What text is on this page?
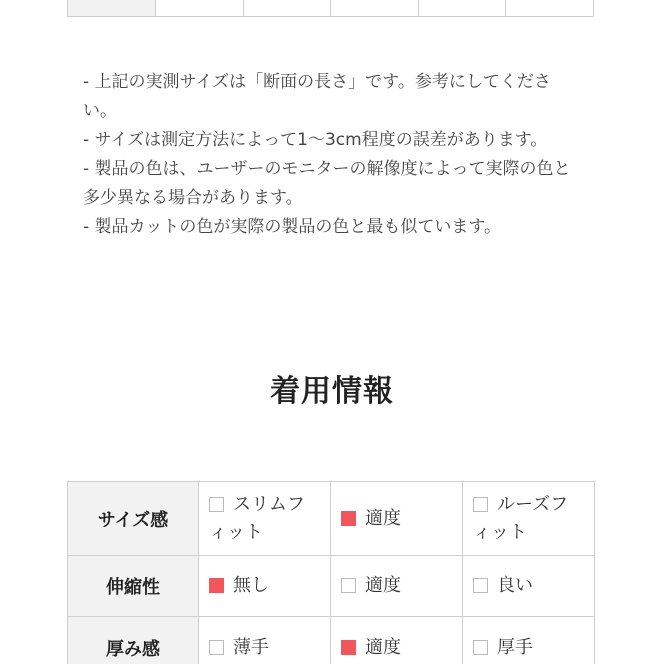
- 上記の実測サイズは「断面の長さ」です。参考にしてください。

- サイズは測定方法によって1〜3cm程度の誤差があります。

- 製品の色は、ユーザーのモニターの解像度によって実際の色と多少異なる場合があります。

- 製品カットの色が実際の製品の色と最も似ています。

着用情報
サイズ感	スリムフィット	適度	ルーズフィット
伸縮性	無し	適度	良い
厚み感	薄手	適度	厚手
